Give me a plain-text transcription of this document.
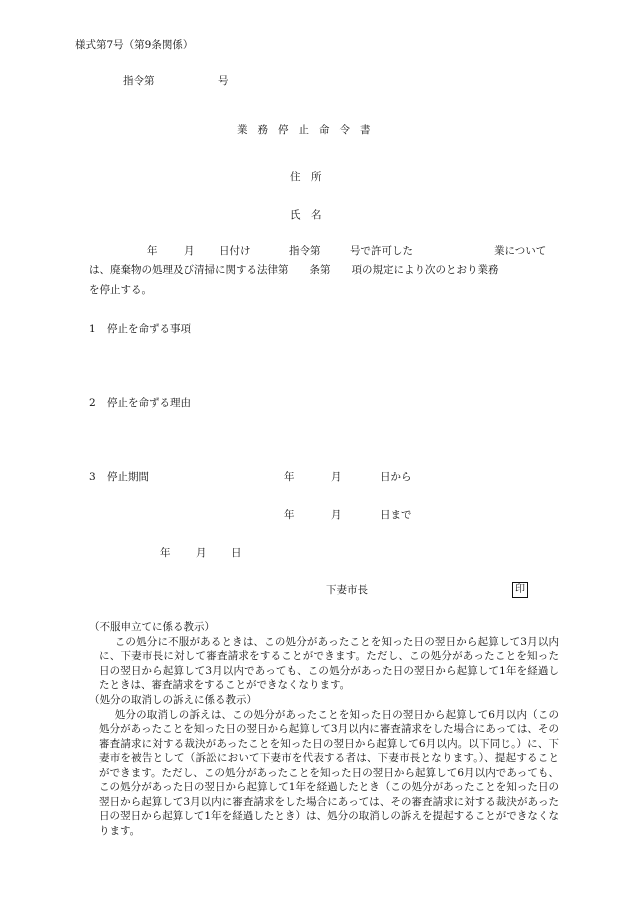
様式第7号（第9条関係）
指令第	号
業務停止命令書
住　所
氏　名
年	月 日付け	指令第	号で許可した	業について
は、廃棄物の処理及び清掃に関する法律第　　条第　　項の規定により次のとおり業務
を停止する。
1 停止を命ずる事項
2 停止を命ずる理由
3 停止期間	年	月	日から
年	月	日まで
年 月 日
下妻市長	印
（不服申立てに係る教示）
この処分に不服があるときは、この処分があったことを知った日の翌日から起算して3月以内に、下妻市長に対して審査請求をすることができます。ただし、この処分があったことを知った日の翌日から起算して3月以内であっても、この処分があった日の翌日から起算して1年を経過したときは、審査請求をすることができなくなります。
（処分の取消しの訴えに係る教示）
処分の取消しの訴えは、この処分があったことを知った日の翌日から起算して6月以内（この処分があったことを知った日の翌日から起算して3月以内に審査請求をした場合にあっては、その審査請求に対する裁決があったことを知った日の翌日から起算して6月以内。以下同じ。）に、下妻市を被告として（訴訟において下妻市を代表する者は、下妻市長となります。）、提起することができます。ただし、この処分があったことを知った日の翌日から起算して6月以内であっても、この処分があった日の翌日から起算して1年を経過したとき（この処分があったことを知った日の翌日から起算して3月以内に審査請求をした場合にあっては、その審査請求に対する裁決があった日の翌日から起算して1年を経過したとき）は、処分の取消しの訴えを提起することができなくなります。
